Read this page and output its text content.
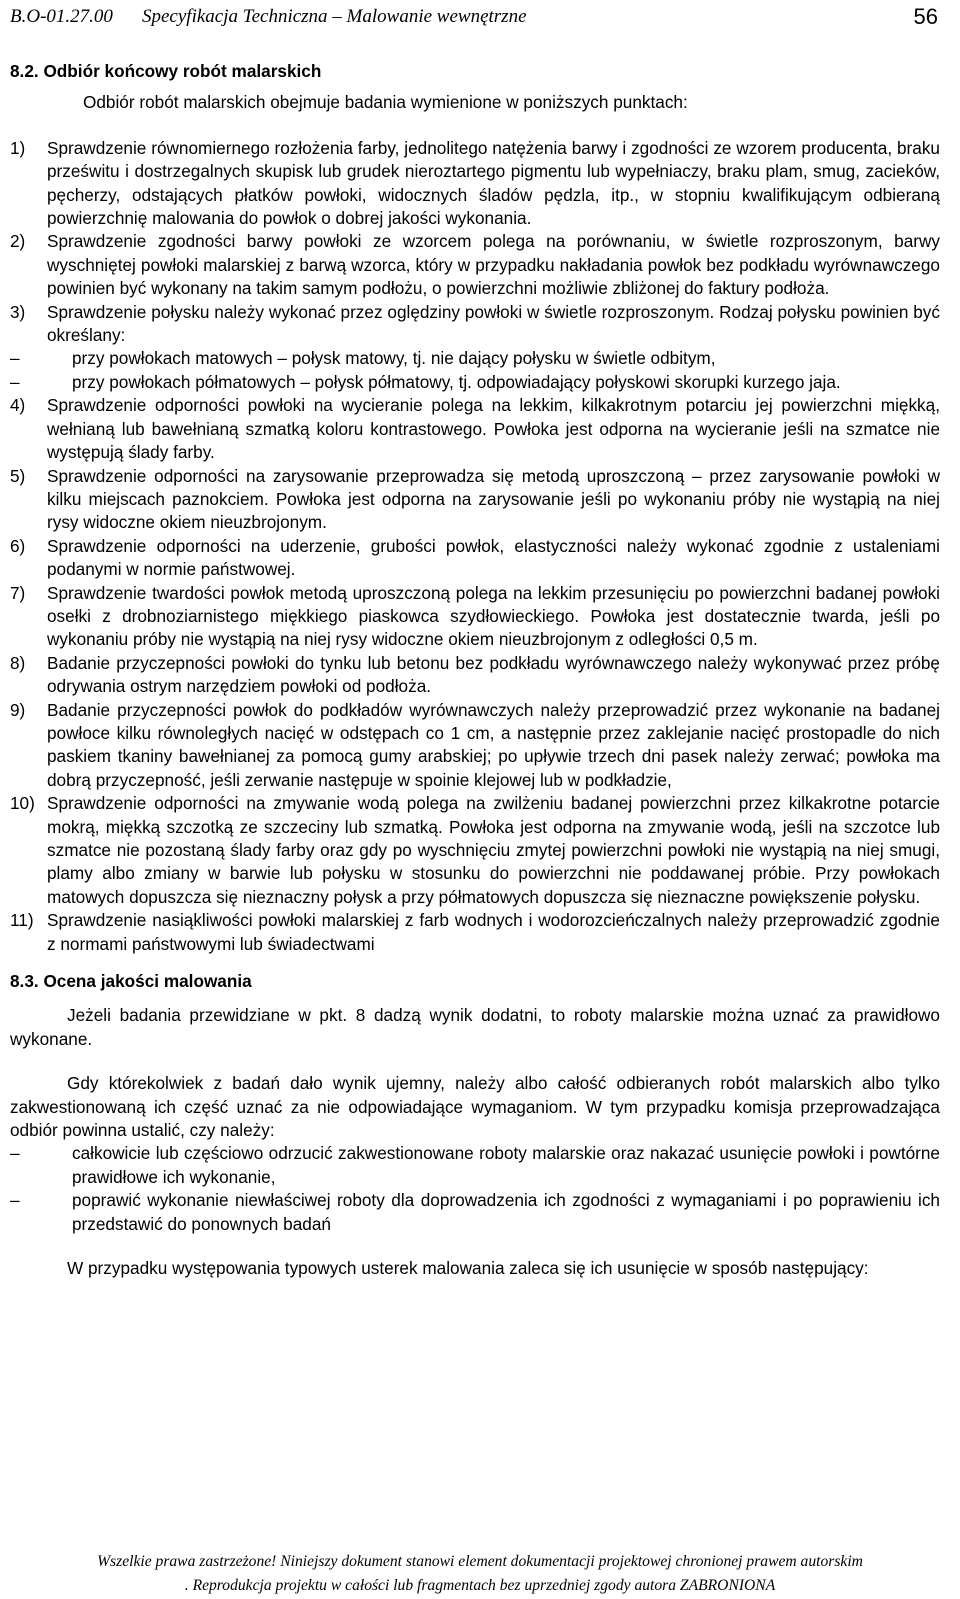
B.O-01.27.00 Specyfikacja Techniczna – Malowanie wewnętrzne	56

8.2. Odbiór końcowy robót malarskich

Odbiór robót malarskich obejmuje badania wymienione w poniższych punktach:

1)	Sprawdzenie równomiernego rozłożenia farby, jednolitego natężenia barwy i zgodności ze wzorem producenta, braku prześwitu i dostrzegalnych skupisk lub grudek nieroztartego pigmentu lub wypełniaczy, braku plam, smug, zacieków, pęcherzy, odstających płatków powłoki, widocznych śladów pędzla, itp., w stopniu kwalifikującym odbieraną powierzchnię malowania do powłok o dobrej jakości wykonania.
2)	Sprawdzenie zgodności barwy powłoki ze wzorcem polega na porównaniu, w świetle rozproszonym, barwy wyschniętej powłoki malarskiej z barwą wzorca, który w przypadku nakładania powłok bez podkładu wyrównawczego powinien być wykonany na takim samym podłożu, o powierzchni możliwie zbliżonej do faktury podłoża.
3)	Sprawdzenie połysku należy wykonać przez oględziny powłoki w świetle rozproszonym. Rodzaj połysku powinien być określany:
–	przy powłokach matowych – połysk matowy, tj. nie dający połysku w świetle odbitym,
–	przy powłokach półmatowych – połysk półmatowy, tj. odpowiadający połyskowi skorupki kurzego jaja.
4)	Sprawdzenie odporności powłoki na wycieranie polega na lekkim, kilkakrotnym potarciu jej powierzchni miękką, wełnianą lub bawełnianą szmatką koloru kontrastowego. Powłoka jest odporna na wycieranie jeśli na szmatce nie występują ślady farby.
5)	Sprawdzenie odporności na zarysowanie przeprowadza się metodą uproszczoną – przez zarysowanie powłoki w kilku miejscach paznokciem. Powłoka jest odporna na zarysowanie jeśli po wykonaniu próby nie wystąpią na niej rysy widoczne okiem nieuzbrojonym.
6)	Sprawdzenie odporności na uderzenie, grubości powłok, elastyczności należy wykonać zgodnie z ustaleniami podanymi w normie państwowej.
7)	Sprawdzenie twardości powłok metodą uproszczoną polega na lekkim przesunięciu po powierzchni badanej powłoki osełki z drobnoziarnistego miękkiego piaskowca szydłowieckiego. Powłoka jest dostatecznie twarda, jeśli po wykonaniu próby nie wystąpią na niej rysy widoczne okiem nieuzbrojonym z odległości 0,5 m.
8)	Badanie przyczepności powłoki do tynku lub betonu bez podkładu wyrównawczego należy wykonywać przez próbę odrywania ostrym narzędziem powłoki od podłoża.
9)	Badanie przyczepności powłok do podkładów wyrównawczych należy przeprowadzić przez wykonanie na badanej powłoce kilku równoległych nacięć w odstępach co 1 cm, a następnie przez zaklejanie nacięć prostopadle do nich paskiem tkaniny bawełnianej za pomocą gumy arabskiej; po upływie trzech dni pasek należy zerwać; powłoka ma dobrą przyczepność, jeśli zerwanie następuje w spoinie klejowej lub w podkładzie,
10) Sprawdzenie odporności na zmywanie wodą polega na zwilżeniu badanej powierzchni przez kilkakrotne potarcie mokrą, miękką szczotką ze szczeciny lub szmatką. Powłoka jest odporna na zmywanie wodą, jeśli na szczotce lub szmatce nie pozostaną ślady farby oraz gdy po wyschnięciu zmytej powierzchni powłoki nie wystąpią na niej smugi, plamy albo zmiany w barwie lub połysku w stosunku do powierzchni nie poddawanej próbie. Przy powłokach matowych dopuszcza się nieznaczny połysk a przy półmatowych dopuszcza się nieznaczne powiększenie połysku.
11) Sprawdzenie nasiąkliwości powłoki malarskiej z farb wodnych i wodorozcieńczalnych należy przeprowadzić zgodnie z normami państwowymi lub świadectwami

8.3. Ocena jakości malowania

Jeżeli badania przewidziane w pkt. 8 dadzą wynik dodatni, to roboty malarskie można uznać za prawidłowo wykonane.

Gdy którekolwiek z badań dało wynik ujemny, należy albo całość odbieranych robót malarskich albo tylko zakwestionowaną ich część uznać za nie odpowiadające wymaganiom. W tym przypadku komisja przeprowadzająca odbiór powinna ustalić, czy należy:

–	całkowicie lub częściowo odrzucić zakwestionowane roboty malarskie oraz nakazać usunięcie powłoki i powtórne prawidłowe ich wykonanie,
–	poprawić wykonanie niewłaściwej roboty dla doprowadzenia ich zgodności z wymaganiami i po poprawieniu ich przedstawić do ponownych badań

W przypadku występowania typowych usterek malowania zaleca się ich usunięcie w sposób następujący:

Wszelkie prawa zastrzeżone! Niniejszy dokument stanowi element dokumentacji projektowej chronionej prawem autorskim
. Reprodukcja projektu w całości lub fragmentach bez uprzedniej zgody autora ZABRONIONA
